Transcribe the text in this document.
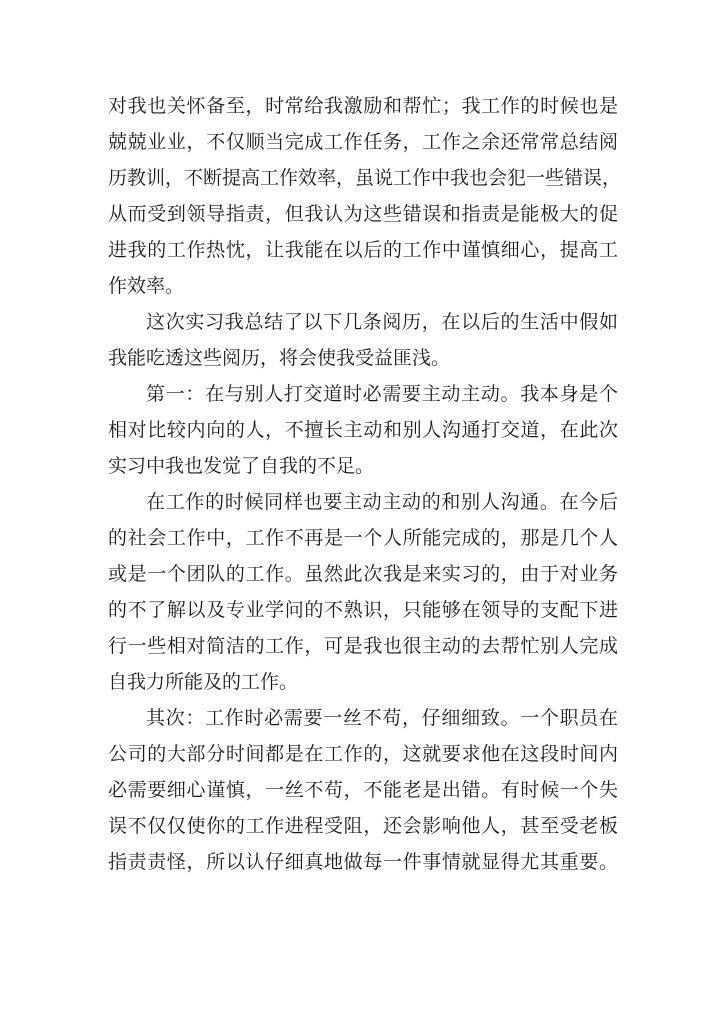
对我也关怀备至，时常给我激励和帮忙；我工作的时候也是
兢兢业业，不仅顺当完成工作任务，工作之余还常常总结阅
历教训，不断提高工作效率，虽说工作中我也会犯一些错误，
从而受到领导指责，但我认为这些错误和指责是能极大的促
进我的工作热忱，让我能在以后的工作中谨慎细心，提高工
作效率。
这次实习我总结了以下几条阅历，在以后的生活中假如
我能吃透这些阅历，将会使我受益匪浅。
第一：在与别人打交道时必需要主动主动。我本身是个
相对比较内向的人，不擅长主动和别人沟通打交道，在此次
实习中我也发觉了自我的不足。
在工作的时候同样也要主动主动的和别人沟通。在今后
的社会工作中，工作不再是一个人所能完成的，那是几个人
或是一个团队的工作。虽然此次我是来实习的，由于对业务
的不了解以及专业学问的不熟识，只能够在领导的支配下进
行一些相对简洁的工作，可是我也很主动的去帮忙别人完成
自我力所能及的工作。
其次：工作时必需要一丝不苟，仔细细致。一个职员在
公司的大部分时间都是在工作的，这就要求他在这段时间内
必需要细心谨慎，一丝不苟，不能老是出错。有时候一个失
误不仅仅使你的工作进程受阻，还会影响他人，甚至受老板
指责责怪，所以认仔细真地做每一件事情就显得尤其重要。
